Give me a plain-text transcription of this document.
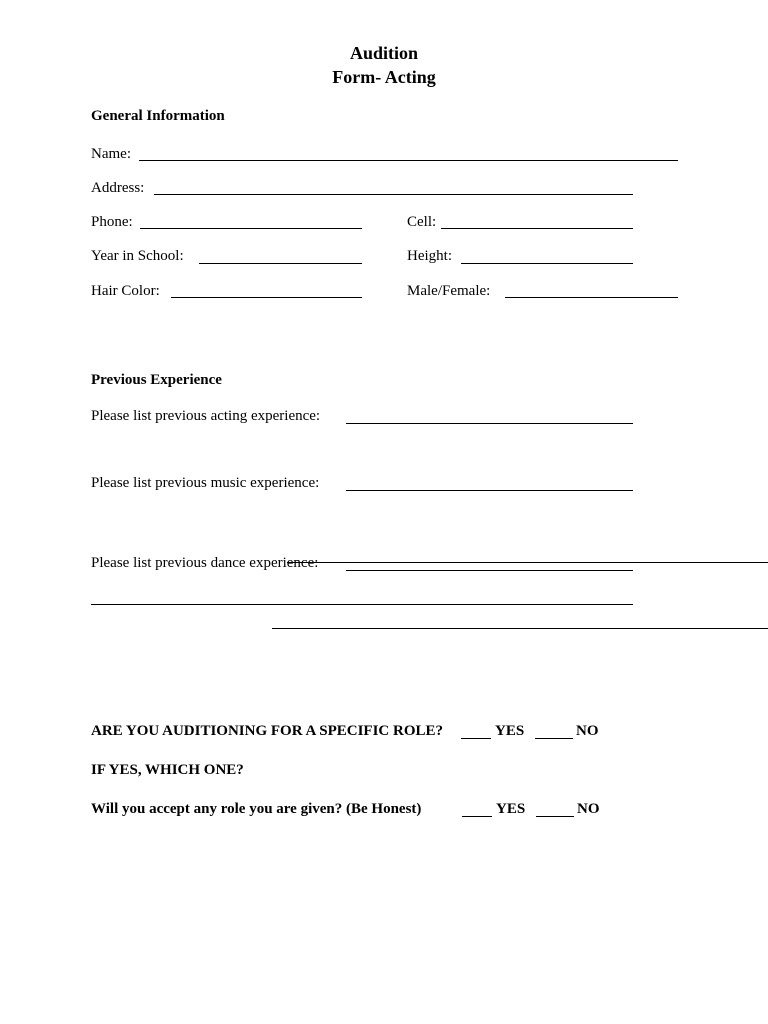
Audition
Form- Acting
General Information
Name:
Address:
Phone:	Cell:
Year in School:	Height:
Hair Color:	Male/Female:
Previous Experience
Please list previous acting experience:
Please list previous music experience:
Please list previous dance experience:
ARE YOU AUDITIONING FOR A SPECIFIC ROLE?	YES	NO
IF YES, WHICH ONE?
Will you accept any role you are given? (Be Honest)	YES	NO
